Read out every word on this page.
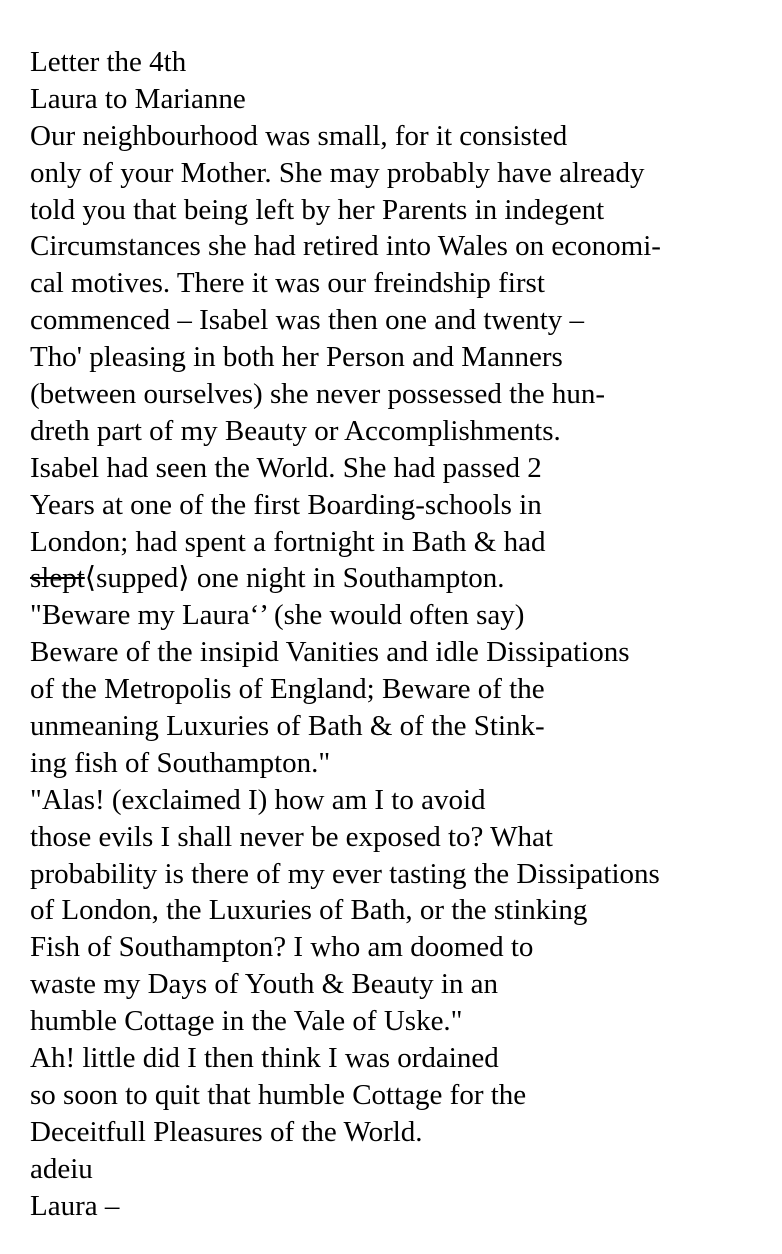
Letter the 4th
Laura to Marianne
Our neighbourhood was small, for it consisted
only of your Mother. She may probably have already
told you that being left by her Parents in indegent
Circumstances she had retired into Wales on economi-
cal motives. There it was our freindship first
commenced – Isabel was then one and twenty –
Tho' pleasing in both her Person and Manners
(between ourselves) she never possessed the hun-
dreth part of my Beauty or Accomplishments.
Isabel had seen the World. She had passed 2
Years at one of the first Boarding-schools in
London; had spent a fortnight in Bath & had
slept⟨supped⟩ one night in Southampton.
"Beware my Laura‘’ (she would often say)
Beware of the insipid Vanities and idle Dissipations
of the Metropolis of England; Beware of the
unmeaning Luxuries of Bath & of the Stink-
ing fish of Southampton."
"Alas! (exclaimed I) how am I to avoid
those evils I shall never be exposed to? What
probability is there of my ever tasting the Dissipations
of London, the Luxuries of Bath, or the stinking
Fish of Southampton? I who am doomed to
waste my Days of Youth & Beauty in an
humble Cottage in the Vale of Uske."
Ah! little did I then think I was ordained
so soon to quit that humble Cottage for the
Deceitfull Pleasures of the World.
adeiu
Laura –
